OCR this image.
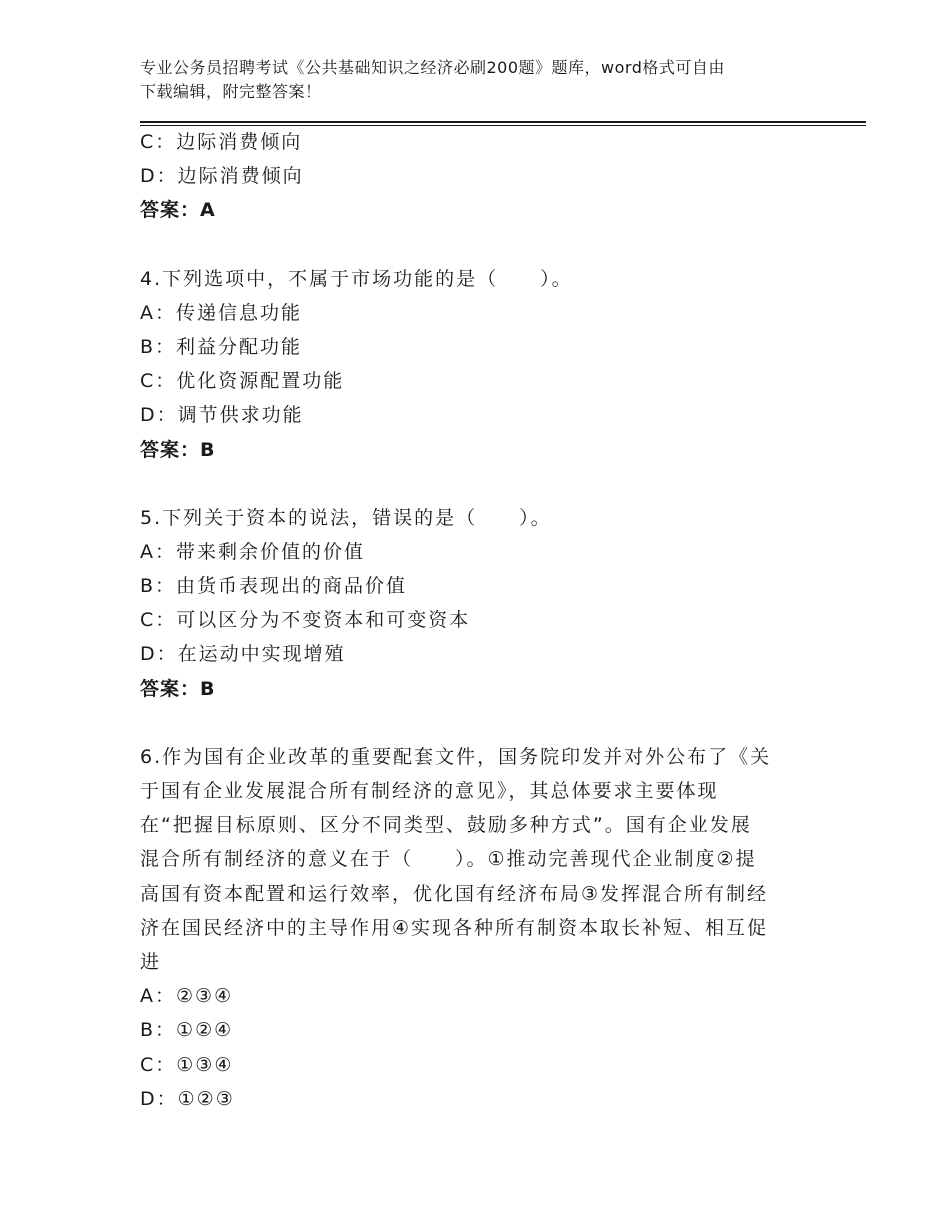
专业公务员招聘考试《公共基础知识之经济必刷200题》题库，word格式可自由
下载编辑，附完整答案！
C：边际消费倾向
D：边际消费倾向
答案：A
4.下列选项中，不属于市场功能的是（　　）。
A：传递信息功能
B：利益分配功能
C：优化资源配置功能
D：调节供求功能
答案：B
5.下列关于资本的说法，错误的是（　　）。
A：带来剩余价值的价值
B：由货币表现出的商品价值
C：可以区分为不变资本和可变资本
D：在运动中实现增殖
答案：B
6.作为国有企业改革的重要配套文件，国务院印发并对外公布了《关
于国有企业发展混合所有制经济的意见》，其总体要求主要体现
在“把握目标原则、区分不同类型、鼓励多种方式”。国有企业发展
混合所有制经济的意义在于（　　）。①推动完善现代企业制度②提
高国有资本配置和运行效率，优化国有经济布局③发挥混合所有制经
济在国民经济中的主导作用④实现各种所有制资本取长补短、相互促
进
A：②③④
B：①②④
C：①③④
D：①②③
